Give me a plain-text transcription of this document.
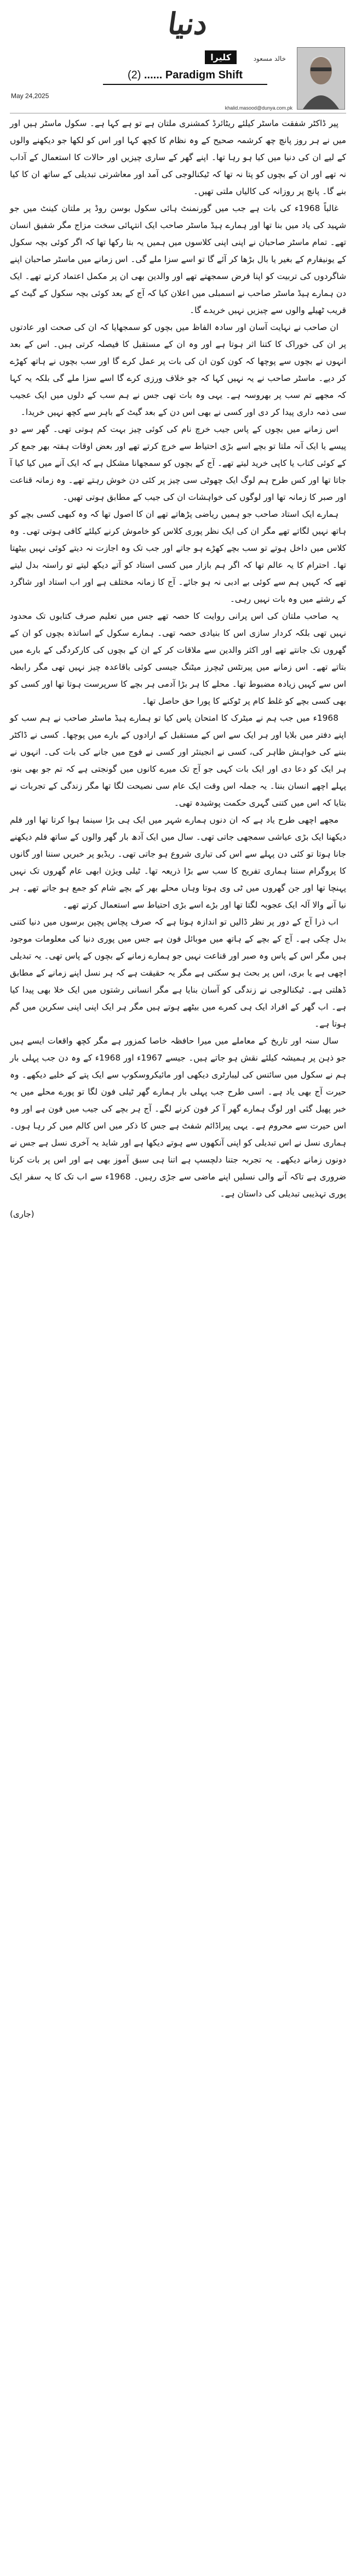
دنیا
کلیرا	خالد مسعود
(2) ...... Paradigm Shift
May 24,2025
khalid.masood@dunya.com.pk

پیر ڈاکٹر شفقت ماسٹر کیلئے ریٹائرڈ کمشنری ملتان ہے تو ہے کہا ہے۔ سکول ماسٹر ہیں اور میں نے ہر روز پانچ چھ کرشمہ صحیح کے وہ نظام کا کچھ کہا اور اس کو لکھا جو دیکھنے والوں کے لیے ان کی دنیا میں کیا ہو رہا تھا۔ اپنے گھر کے ساری چیزیں اور حالات کا استعمال کے آداب نہ تھے اور ان کے بچوں کو پتا نہ تھا کہ ٹیکنالوجی کی آمد اور معاشرتی تبدیلی کے ساتھ ان کا کیا بنے گا۔ پانچ پر روزانہ کی کالیاں ملتی تھیں۔

غالباً 1968ء کی بات ہے جب میں گورنمنٹ ہائی سکول بوسن روڈ پر ملتان کینٹ میں جو شہید کی یاد میں بنا تھا اور ہمارے ہیڈ ماسٹر صاحب ایک انتہائی سخت مزاج مگر شفیق انسان تھے۔ تمام ماسٹر صاحبان نے اپنی اپنی کلاسوں میں ہمیں یہ بتا رکھا تھا کہ اگر کوئی بچہ سکول کے یونیفارم کے بغیر یا بال بڑھا کر آئے گا تو اسے سزا ملے گی۔ اس زمانے میں ماسٹر صاحبان اپنے شاگردوں کی تربیت کو اپنا فرض سمجھتے تھے اور والدین بھی ان پر مکمل اعتماد کرتے تھے۔ ایک دن ہمارے ہیڈ ماسٹر صاحب نے اسمبلی میں اعلان کیا کہ آج کے بعد کوئی بچہ سکول کے گیٹ کے قریب ٹھیلے والوں سے چیزیں نہیں خریدے گا۔

ان صاحب نے نہایت آسان اور سادہ الفاظ میں بچوں کو سمجھایا کہ ان کی صحت اور عادتوں پر ان کی خوراک کا کتنا اثر ہوتا ہے اور وہ ان کے مستقبل کا فیصلہ کرتی ہیں۔ اس کے بعد انہوں نے بچوں سے پوچھا کہ کون کون ان کی بات پر عمل کرے گا اور سب بچوں نے ہاتھ کھڑے کر دیے۔ ماسٹر صاحب نے یہ نہیں کہا کہ جو خلاف ورزی کرے گا اسے سزا ملے گی بلکہ یہ کہا کہ مجھے تم سب پر بھروسہ ہے۔ یہی وہ بات تھی جس نے ہم سب کے دلوں میں ایک عجیب سی ذمہ داری پیدا کر دی اور کسی نے بھی اس دن کے بعد گیٹ کے باہر سے کچھ نہیں خریدا۔

اس زمانے میں بچوں کے پاس جیب خرچ نام کی کوئی چیز بہت کم ہوتی تھی۔ گھر سے دو پیسے یا ایک آنہ ملتا تو بچے اسے بڑی احتیاط سے خرچ کرتے تھے اور بعض اوقات ہفتہ بھر جمع کر کے کوئی کتاب یا کاپی خرید لیتے تھے۔ آج کے بچوں کو سمجھانا مشکل ہے کہ ایک آنے میں کیا کیا آ جاتا تھا اور کس طرح ہم لوگ ایک چھوٹی سی چیز پر کئی دن خوش رہتے تھے۔ وہ زمانہ قناعت اور صبر کا زمانہ تھا اور لوگوں کی خواہشات ان کی جیب کے مطابق ہوتی تھیں۔

ہمارے ایک استاد صاحب جو ہمیں ریاضی پڑھاتے تھے ان کا اصول تھا کہ وہ کبھی کسی بچے کو ہاتھ نہیں لگاتے تھے مگر ان کی ایک نظر پوری کلاس کو خاموش کرنے کیلئے کافی ہوتی تھی۔ وہ کلاس میں داخل ہوتے تو سب بچے کھڑے ہو جاتے اور جب تک وہ اجازت نہ دیتے کوئی نہیں بیٹھتا تھا۔ احترام کا یہ عالم تھا کہ اگر ہم بازار میں کسی استاد کو آتے دیکھ لیتے تو راستہ بدل لیتے تھے کہ کہیں ہم سے کوئی بے ادبی نہ ہو جائے۔ آج کا زمانہ مختلف ہے اور اب استاد اور شاگرد کے رشتے میں وہ بات نہیں رہی۔

یہ صاحب ملتان کی اس پرانی روایت کا حصہ تھے جس میں تعلیم صرف کتابوں تک محدود نہیں تھی بلکہ کردار سازی اس کا بنیادی حصہ تھی۔ ہمارے سکول کے اساتذہ بچوں کو ان کے گھروں تک جانتے تھے اور اکثر والدین سے ملاقات کر کے ان کے بچوں کی کارکردگی کے بارے میں بتاتے تھے۔ اس زمانے میں پیرنٹس ٹیچرز میٹنگ جیسی کوئی باقاعدہ چیز نہیں تھی مگر رابطہ اس سے کہیں زیادہ مضبوط تھا۔ محلے کا ہر بڑا آدمی ہر بچے کا سرپرست ہوتا تھا اور کسی کو بھی کسی بچے کو غلط کام پر ٹوکنے کا پورا حق حاصل تھا۔

1968ء میں جب ہم نے میٹرک کا امتحان پاس کیا تو ہمارے ہیڈ ماسٹر صاحب نے ہم سب کو اپنے دفتر میں بلایا اور ہر ایک سے اس کے مستقبل کے ارادوں کے بارے میں پوچھا۔ کسی نے ڈاکٹر بننے کی خواہش ظاہر کی، کسی نے انجینئر اور کسی نے فوج میں جانے کی بات کی۔ انہوں نے ہر ایک کو دعا دی اور ایک بات کہی جو آج تک میرے کانوں میں گونجتی ہے کہ تم جو بھی بنو، پہلے اچھے انسان بننا۔ یہ جملہ اس وقت ایک عام سی نصیحت لگا تھا مگر زندگی کے تجربات نے بتایا کہ اس میں کتنی گہری حکمت پوشیدہ تھی۔

مجھے اچھی طرح یاد ہے کہ ان دنوں ہمارے شہر میں ایک ہی بڑا سینما ہوا کرتا تھا اور فلم دیکھنا ایک بڑی عیاشی سمجھی جاتی تھی۔ سال میں ایک آدھ بار گھر والوں کے ساتھ فلم دیکھنے جانا ہوتا تو کئی دن پہلے سے اس کی تیاری شروع ہو جاتی تھی۔ ریڈیو پر خبریں سننا اور گانوں کا پروگرام سننا ہماری تفریح کا سب سے بڑا ذریعہ تھا۔ ٹیلی ویژن ابھی عام گھروں تک نہیں پہنچا تھا اور جن گھروں میں ٹی وی ہوتا وہاں محلے بھر کے بچے شام کو جمع ہو جاتے تھے۔ ہر نیا آنے والا آلہ ایک عجوبہ لگتا تھا اور بڑے اسے بڑی احتیاط سے استعمال کرتے تھے۔

اب ذرا آج کے دور پر نظر ڈالیں تو اندازہ ہوتا ہے کہ صرف پچاس پچپن برسوں میں دنیا کتنی بدل چکی ہے۔ آج کے بچے کے ہاتھ میں موبائل فون ہے جس میں پوری دنیا کی معلومات موجود ہیں مگر اس کے پاس وہ صبر اور قناعت نہیں جو ہمارے زمانے کے بچوں کے پاس تھی۔ یہ تبدیلی اچھی ہے یا بری، اس پر بحث ہو سکتی ہے مگر یہ حقیقت ہے کہ ہر نسل اپنے زمانے کے مطابق ڈھلتی ہے۔ ٹیکنالوجی نے زندگی کو آسان بنایا ہے مگر انسانی رشتوں میں ایک خلا بھی پیدا کیا ہے۔ اب گھر کے افراد ایک ہی کمرے میں بیٹھے ہوتے ہیں مگر ہر ایک اپنی اپنی سکرین میں گم ہوتا ہے۔

سال سنہ اور تاریخ کے معاملے میں میرا حافظہ خاصا کمزور ہے مگر کچھ واقعات ایسے ہیں جو ذہن پر ہمیشہ کیلئے نقش ہو جاتے ہیں۔ جیسے 1967ء اور 1968ء کے وہ دن جب پہلی بار ہم نے سکول میں سائنس کی لیبارٹری دیکھی اور مائیکروسکوپ سے ایک پتے کے خلیے دیکھے۔ وہ حیرت آج بھی یاد ہے۔ اسی طرح جب پہلی بار ہمارے گھر ٹیلی فون لگا تو پورے محلے میں یہ خبر پھیل گئی اور لوگ ہمارے گھر آ کر فون کرنے لگے۔ آج ہر بچے کی جیب میں فون ہے اور وہ اس حیرت سے محروم ہے۔ یہی پیراڈائم شفٹ ہے جس کا ذکر میں اس کالم میں کر رہا ہوں۔ ہماری نسل نے اس تبدیلی کو اپنی آنکھوں سے ہوتے دیکھا ہے اور شاید یہ آخری نسل ہے جس نے دونوں زمانے دیکھے۔ یہ تجربہ جتنا دلچسپ ہے اتنا ہی سبق آموز بھی ہے اور اس پر بات کرنا ضروری ہے تاکہ آنے والی نسلیں اپنے ماضی سے جڑی رہیں۔ 1968ء سے اب تک کا یہ سفر ایک پوری تہذیبی تبدیلی کی داستان ہے۔

(جاری)
